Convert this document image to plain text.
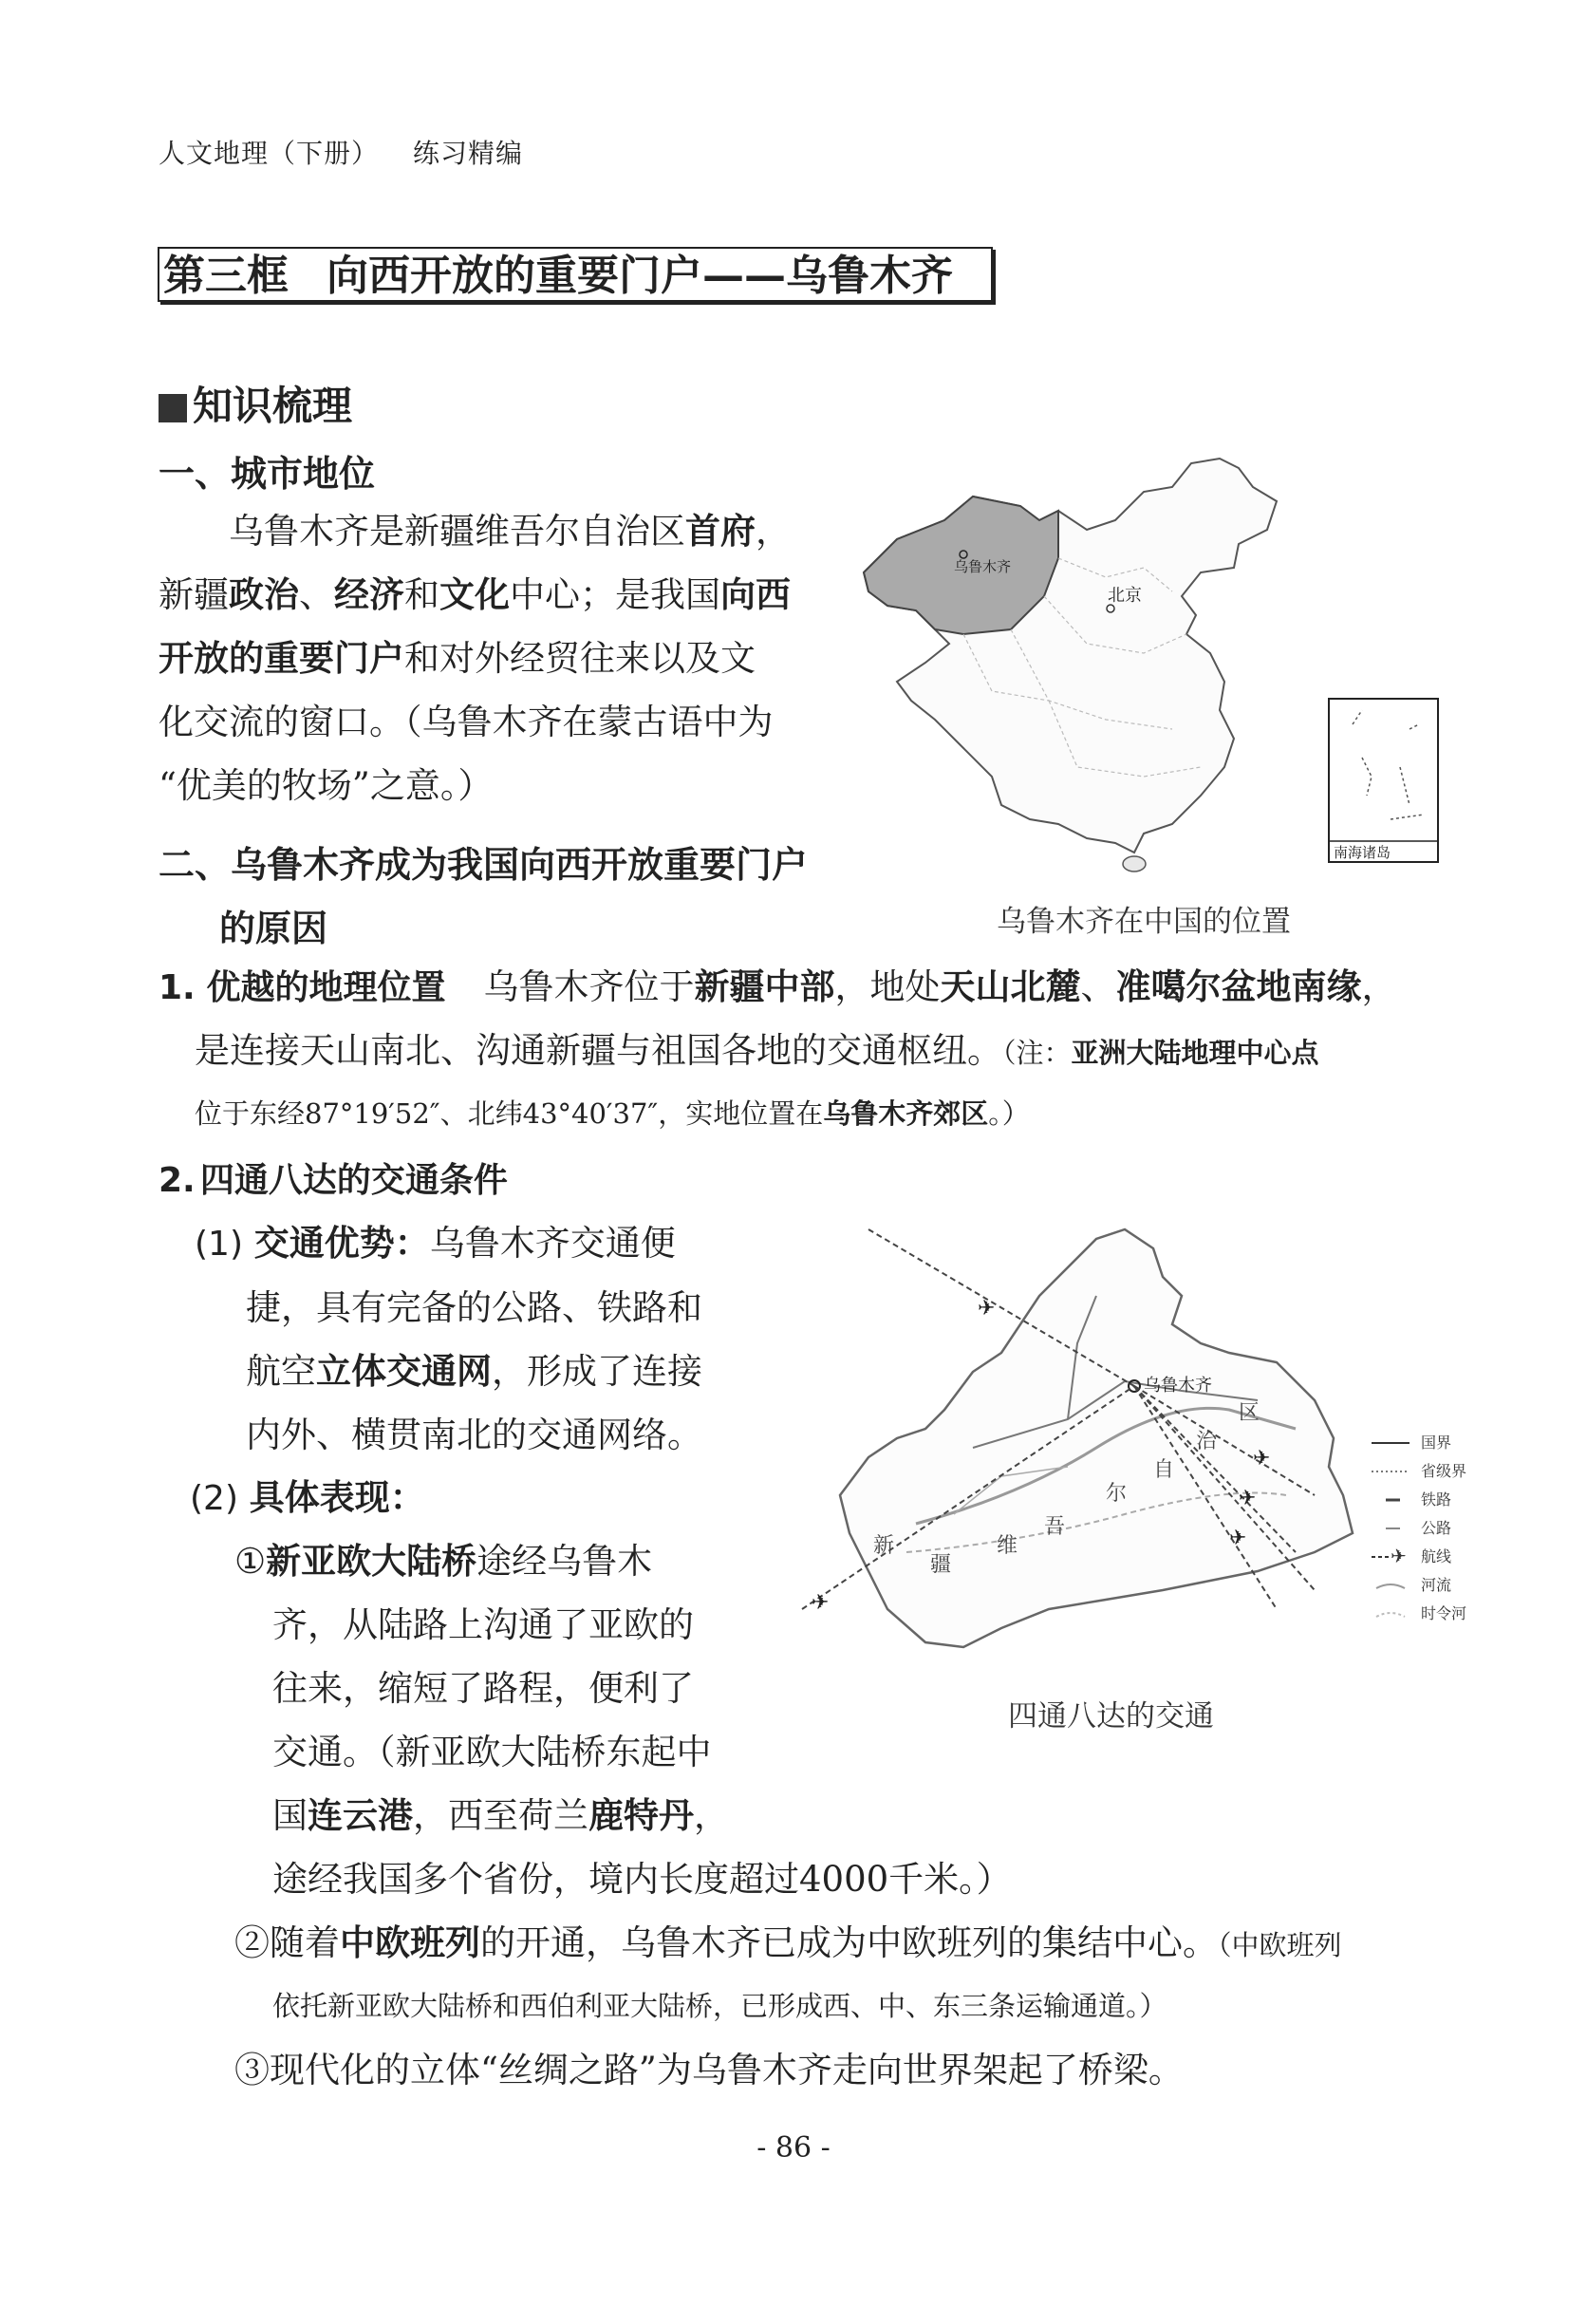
人文地理（下册） 练习精编
第三框 向西开放的重要门户——乌鲁木齐
知识梳理
一、城市地位
乌鲁木齐是新疆维吾尔自治区首府，
新疆政治、经济和文化中心；是我国向西
开放的重要门户和对外经贸往来以及文
化交流的窗口。（乌鲁木齐在蒙古语中为
“优美的牧场”之意。）
乌鲁木齐
北京
南海诸岛
乌鲁木齐在中国的位置
二、乌鲁木齐成为我国向西开放重要门户
的原因
1. 优越的地理位置 乌鲁木齐位于新疆中部，地处天山北麓、准噶尔盆地南缘，
是连接天山南北、沟通新疆与祖国各地的交通枢纽。（注：亚洲大陆地理中心点
位于东经87°19′52″、北纬43°40′37″，实地位置在乌鲁木齐郊区。）
2. 四通八达的交通条件
(1) 交通优势：乌鲁木齐交通便
捷，具有完备的公路、铁路和
航空立体交通网，形成了连接
内外、横贯南北的交通网络。
(2) 具体表现：
①新亚欧大陆桥途经乌鲁木
齐，从陆路上沟通了亚欧的
往来，缩短了路程，便利了
交通。（新亚欧大陆桥东起中
国连云港，西至荷兰鹿特丹，
途经我国多个省份，境内长度超过4000千米。）
②随着中欧班列的开通，乌鲁木齐已成为中欧班列的集结中心。（中欧班列
依托新亚欧大陆桥和西伯利亚大陆桥，已形成西、中、东三条运输通道。）
③现代化的立体“丝绸之路”为乌鲁木齐走向世界架起了桥梁。
✈
✈
✈
✈
✈
乌鲁木齐
新
疆
维
吾
尔
自
治
区
国界
省级界
铁路
公路
✈ 航线
河流
时令河
四通八达的交通
- 86 -
